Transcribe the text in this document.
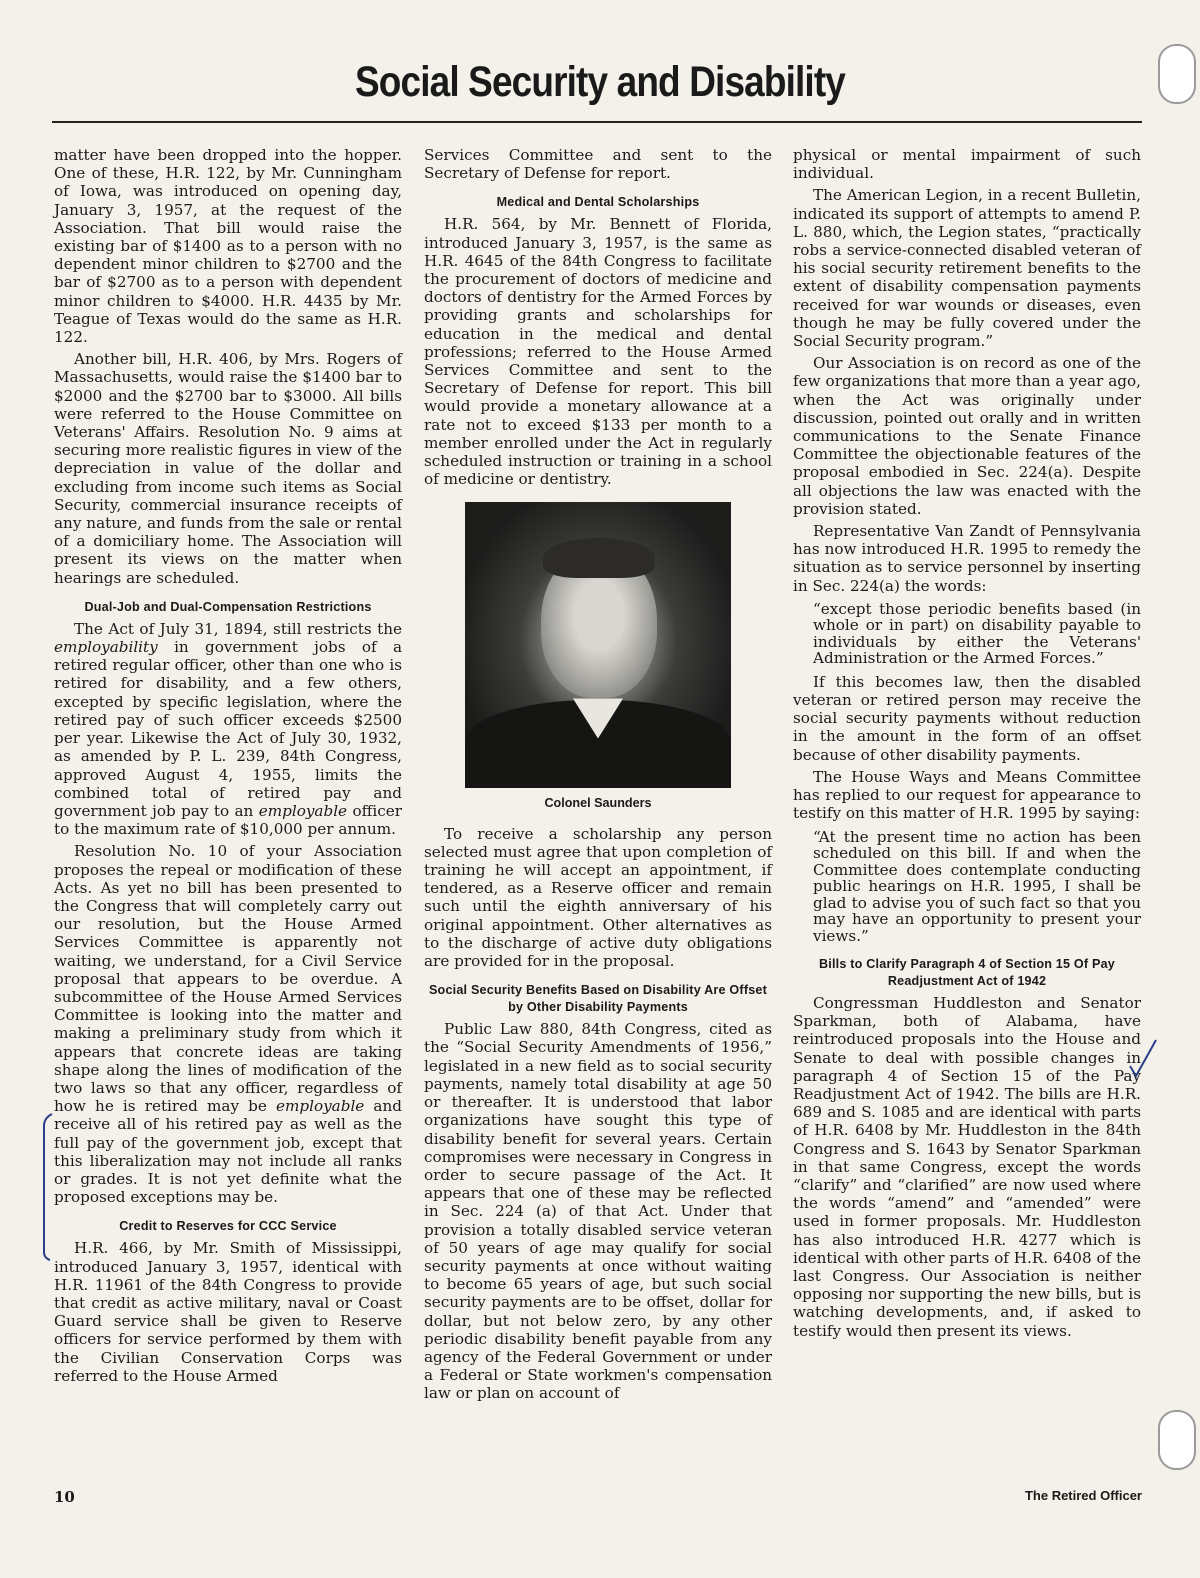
Social Security and Disability

matter have been dropped into the hopper. One of these, H.R. 122, by Mr. Cunningham of Iowa, was introduced on opening day, January 3, 1957, at the request of the Association. That bill would raise the existing bar of $1400 as to a person with no dependent minor children to $2700 and the bar of $2700 as to a person with dependent minor children to $4000. H.R. 4435 by Mr. Teague of Texas would do the same as H.R. 122.

Another bill, H.R. 406, by Mrs. Rogers of Massachusetts, would raise the $1400 bar to $2000 and the $2700 bar to $3000. All bills were referred to the House Committee on Veterans' Affairs. Resolution No. 9 aims at securing more realistic figures in view of the depreciation in value of the dollar and excluding from income such items as Social Security, commercial insurance receipts of any nature, and funds from the sale or rental of a domiciliary home. The Association will present its views on the matter when hearings are scheduled.

Dual-Job and Dual-Compensation Restrictions

The Act of July 31, 1894, still restricts the employability in government jobs of a retired regular officer, other than one who is retired for disability, and a few others, excepted by specific legislation, where the retired pay of such officer exceeds $2500 per year. Likewise the Act of July 30, 1932, as amended by P. L. 239, 84th Congress, approved August 4, 1955, limits the combined total of retired pay and government job pay to an employable officer to the maximum rate of $10,000 per annum.

Resolution No. 10 of your Association proposes the repeal or modification of these Acts. As yet no bill has been presented to the Congress that will completely carry out our resolution, but the House Armed Services Committee is apparently not waiting, we understand, for a Civil Service proposal that appears to be overdue. A subcommittee of the House Armed Services Committee is looking into the matter and making a preliminary study from which it appears that concrete ideas are taking shape along the lines of modification of the two laws so that any officer, regardless of how he is retired may be employable and receive all of his retired pay as well as the full pay of the government job, except that this liberalization may not include all ranks or grades. It is not yet definite what the proposed exceptions may be.

Credit to Reserves for CCC Service

H.R. 466, by Mr. Smith of Mississippi, introduced January 3, 1957, identical with H.R. 11961 of the 84th Congress to provide that credit as active military, naval or Coast Guard service shall be given to Reserve officers for service performed by them with the Civilian Conservation Corps was referred to the House Armed

Services Committee and sent to the Secretary of Defense for report.

Medical and Dental Scholarships

H.R. 564, by Mr. Bennett of Florida, introduced January 3, 1957, is the same as H.R. 4645 of the 84th Congress to facilitate the procurement of doctors of medicine and doctors of dentistry for the Armed Forces by providing grants and scholarships for education in the medical and dental professions; referred to the House Armed Services Committee and sent to the Secretary of Defense for report. This bill would provide a monetary allowance at a rate not to exceed $133 per month to a member enrolled under the Act in regularly scheduled instruction or training in a school of medicine or dentistry.

Colonel Saunders

To receive a scholarship any person selected must agree that upon completion of training he will accept an appointment, if tendered, as a Reserve officer and remain such until the eighth anniversary of his original appointment. Other alternatives as to the discharge of active duty obligations are provided for in the proposal.

Social Security Benefits Based on Disability Are Offset by Other Disability Payments

Public Law 880, 84th Congress, cited as the “Social Security Amendments of 1956,” legislated in a new field as to social security payments, namely total disability at age 50 or thereafter. It is understood that labor organizations have sought this type of disability benefit for several years. Certain compromises were necessary in Congress in order to secure passage of the Act. It appears that one of these may be reflected in Sec. 224 (a) of that Act. Under that provision a totally disabled service veteran of 50 years of age may qualify for social security payments at once without waiting to become 65 years of age, but such social security payments are to be offset, dollar for dollar, but not below zero, by any other periodic disability benefit payable from any agency of the Federal Government or under a Federal or State workmen's compensation law or plan on account of

physical or mental impairment of such individual.

The American Legion, in a recent Bulletin, indicated its support of attempts to amend P. L. 880, which, the Legion states, “practically robs a service-connected disabled veteran of his social security retirement benefits to the extent of disability compensation payments received for war wounds or diseases, even though he may be fully covered under the Social Security program.”

Our Association is on record as one of the few organizations that more than a year ago, when the Act was originally under discussion, pointed out orally and in written communications to the Senate Finance Committee the objectionable features of the proposal embodied in Sec. 224(a). Despite all objections the law was enacted with the provision stated.

Representative Van Zandt of Pennsylvania has now introduced H.R. 1995 to remedy the situation as to service personnel by inserting in Sec. 224(a) the words:

“except those periodic benefits based (in whole or in part) on disability payable to individuals by either the Veterans' Administration or the Armed Forces.”

If this becomes law, then the disabled veteran or retired person may receive the social security payments without reduction in the amount in the form of an offset because of other disability payments.

The House Ways and Means Committee has replied to our request for appearance to testify on this matter of H.R. 1995 by saying:

“At the present time no action has been scheduled on this bill. If and when the Committee does contemplate conducting public hearings on H.R. 1995, I shall be glad to advise you of such fact so that you may have an opportunity to present your views.”
Bills to Clarify Paragraph 4 of Section 15 Of Pay Readjustment Act of 1942

Congressman Huddleston and Senator Sparkman, both of Alabama, have reintroduced proposals into the House and Senate to deal with possible changes in paragraph 4 of Section 15 of the Pay Readjustment Act of 1942. The bills are H.R. 689 and S. 1085 and are identical with parts of H.R. 6408 by Mr. Huddleston in the 84th Congress and S. 1643 by Senator Sparkman in that same Congress, except the words “clarify” and “clarified” are now used where the words “amend” and “amended” were used in former proposals. Mr. Huddleston has also introduced H.R. 4277 which is identical with other parts of H.R. 6408 of the last Congress. Our Association is neither opposing nor supporting the new bills, but is watching developments, and, if asked to testify would then present its views.

10	The Retired Officer
